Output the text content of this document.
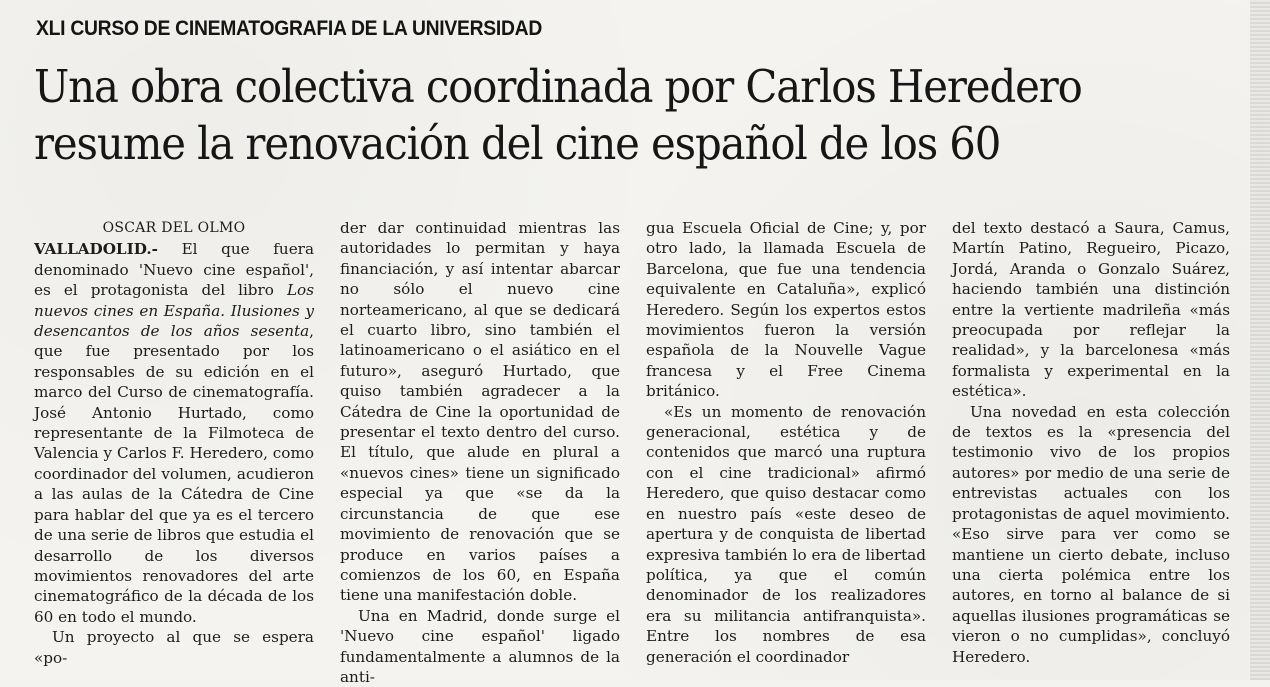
XLI CURSO DE CINEMATOGRAFIA DE LA UNIVERSIDAD
Una obra colectiva coordinada por Carlos Heredero
resume la renovación del cine español de los 60

OSCAR DEL OLMO

VALLADOLID.- El que fuera denominado 'Nuevo cine español', es el protagonista del libro Los nuevos cines en España. Ilusiones y desencantos de los años sesenta, que fue presentado por los responsables de su edición en el marco del Curso de cinematografía. José Antonio Hurtado, como representante de la Filmoteca de Valencia y Carlos F. Heredero, como coordinador del volumen, acudieron a las aulas de la Cátedra de Cine para hablar del que ya es el tercero de una serie de libros que estudia el desarrollo de los diversos movimientos renovadores del arte cinematográfico de la década de los 60 en todo el mundo.

Un proyecto al que se espera «po-

der dar continuidad mientras las autoridades lo permitan y haya financiación, y así intentar abarcar no sólo el nuevo cine norteamericano, al que se dedicará el cuarto libro, sino también el latinoamericano o el asiático en el futuro», aseguró Hurtado, que quiso también agradecer a la Cátedra de Cine la oportunidad de presentar el texto dentro del curso. El título, que alude en plural a «nuevos cines» tiene un significado especial ya que «se da la circunstancia de que ese movimiento de renovación que se produce en varios países a comienzos de los 60, en España tiene una manifestación doble.

Una en Madrid, donde surge el 'Nuevo cine español' ligado fundamentalmente a alumnos de la anti-

gua Escuela Oficial de Cine; y, por otro lado, la llamada Escuela de Barcelona, que fue una tendencia equivalente en Cataluña», explicó Heredero. Según los expertos estos movimientos fueron la versión española de la Nouvelle Vague francesa y el Free Cinema británico.

«Es un momento de renovación generacional, estética y de contenidos que marcó una ruptura con el cine tradicional» afirmó Heredero, que quiso destacar como en nuestro país «este deseo de apertura y de conquista de libertad expresiva también lo era de libertad política, ya que el común denominador de los realizadores era su militancia antifranquista». Entre los nombres de esa generación el coordinador

del texto destacó a Saura, Camus, Martín Patino, Regueiro, Picazo, Jordá, Aranda o Gonzalo Suárez, haciendo también una distinción entre la vertiente madrileña «más preocupada por reflejar la realidad», y la barcelonesa «más formalista y experimental en la estética».

Una novedad en esta colección de textos es la «presencia del testimonio vivo de los propios autores» por medio de una serie de entrevistas actuales con los protagonistas de aquel movimiento. «Eso sirve para ver como se mantiene un cierto debate, incluso una cierta polémica entre los autores, en torno al balance de si aquellas ilusiones programáticas se vieron o no cumplidas», concluyó Heredero.
